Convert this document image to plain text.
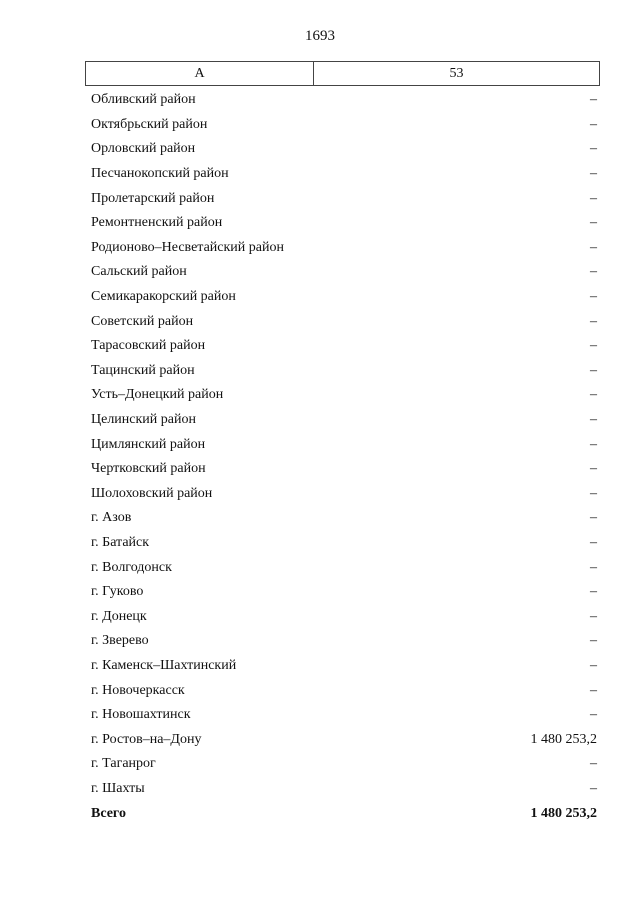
1693
А	53
Обливский район	–
Октябрьский район	–
Орловский район	–
Песчанокопский район	–
Пролетарский район	–
Ремонтненский район	–
Родионово–Несветайский район	–
Сальский район	–
Семикаракорский район	–
Советский район	–
Тарасовский район	–
Тацинский район	–
Усть–Донецкий район	–
Целинский район	–
Цимлянский район	–
Чертковский район	–
Шолоховский район	–
г. Азов	–
г. Батайск	–
г. Волгодонск	–
г. Гуково	–
г. Донецк	–
г. Зверево	–
г. Каменск–Шахтинский	–
г. Новочеркасск	–
г. Новошахтинск	–
г. Ростов–на–Дону	1 480 253,2
г. Таганрог	–
г. Шахты	–
Всего	1 480 253,2
